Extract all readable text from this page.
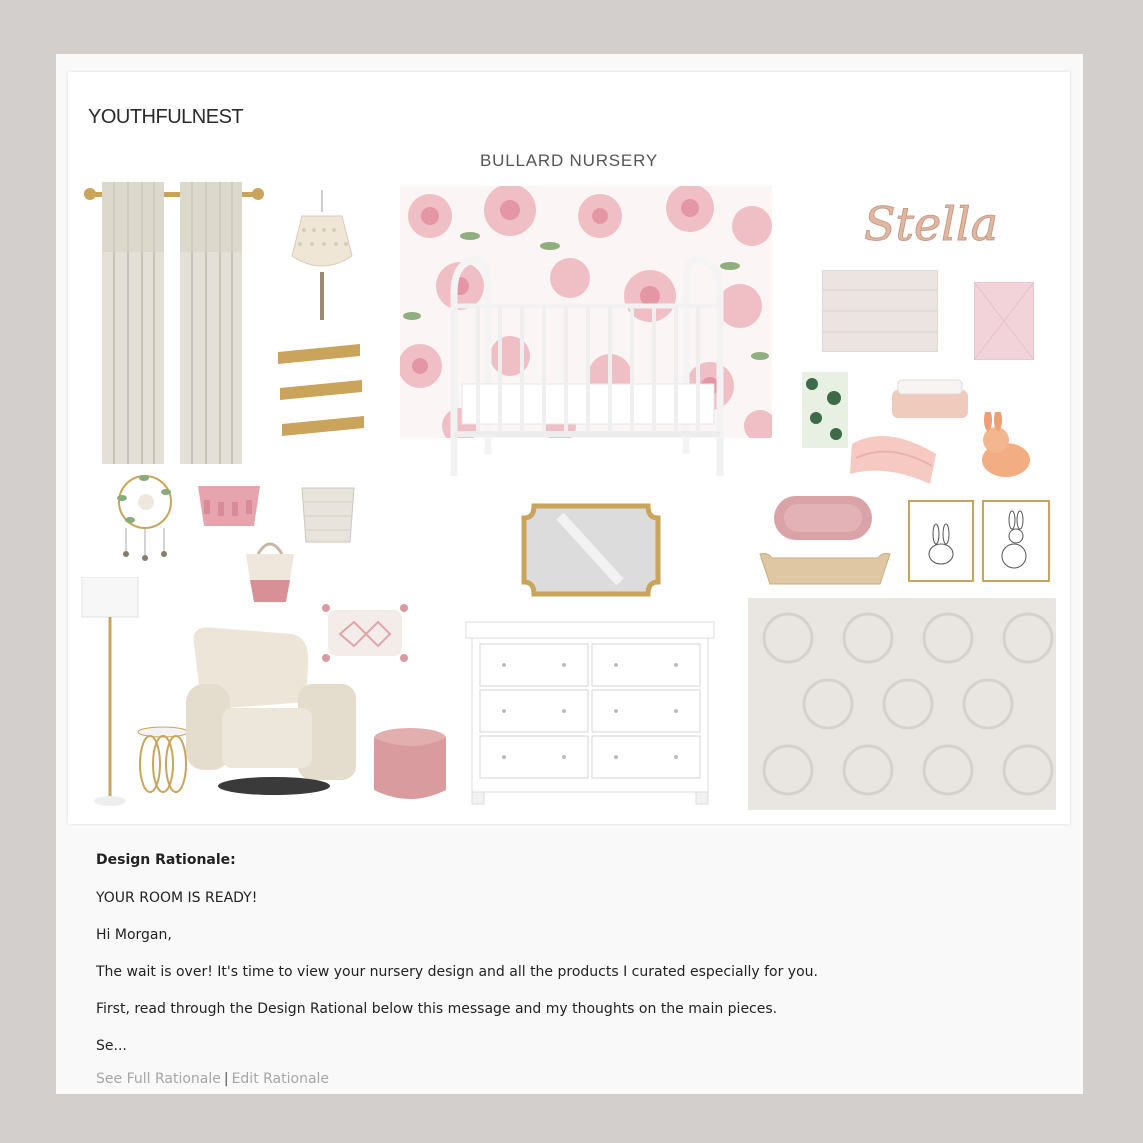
YOUTHFULNEST
BULLARD NURSERY
Stella
Design Rationale:

YOUR ROOM IS READY!

Hi Morgan,

The wait is over! It's time to view your nursery design and all the products I curated especially for you.

First, read through the Design Rational below this message and my thoughts on the main pieces.

Se...

See Full Rationale | Edit Rationale
